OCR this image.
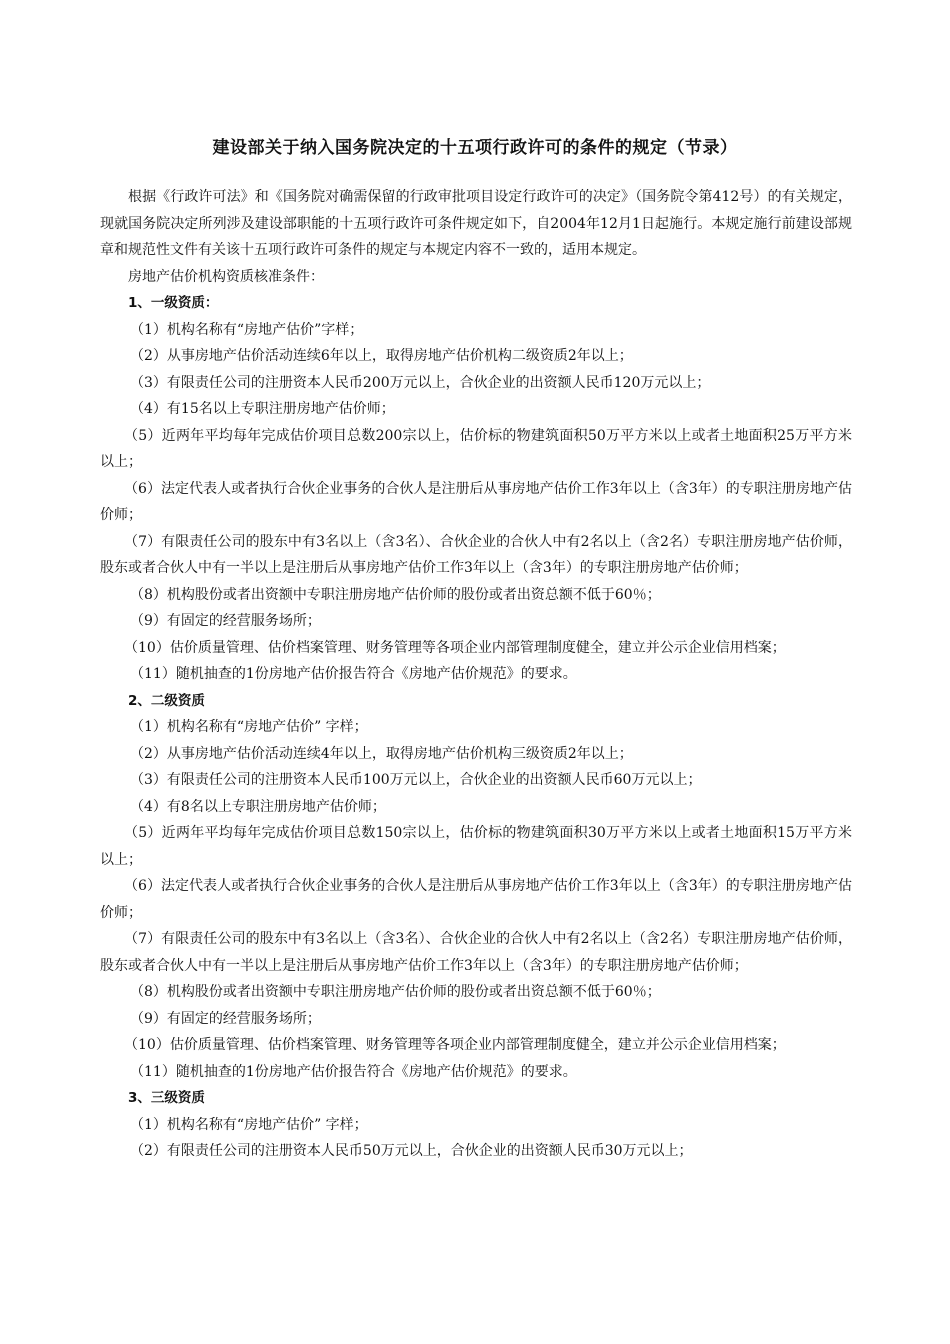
建设部关于纳入国务院决定的十五项行政许可的条件的规定（节录）

根据《行政许可法》和《国务院对确需保留的行政审批项目设定行政许可的决定》（国务院令第412号）的有关规定，现就国务院决定所列涉及建设部职能的十五项行政许可条件规定如下，自2004年12月1日起施行。本规定施行前建设部规章和规范性文件有关该十五项行政许可条件的规定与本规定内容不一致的，适用本规定。

房地产估价机构资质核准条件：

1、一级资质：

（1）机构名称有“房地产估价”字样；

（2）从事房地产估价活动连续6年以上，取得房地产估价机构二级资质2年以上；

（3）有限责任公司的注册资本人民币200万元以上，合伙企业的出资额人民币120万元以上；

（4）有15名以上专职注册房地产估价师；

（5）近两年平均每年完成估价项目总数200宗以上，估价标的物建筑面积50万平方米以上或者土地面积25万平方米以上；

（6）法定代表人或者执行合伙企业事务的合伙人是注册后从事房地产估价工作3年以上（含3年）的专职注册房地产估价师；

（7）有限责任公司的股东中有3名以上（含3名）、合伙企业的合伙人中有2名以上（含2名）专职注册房地产估价师，股东或者合伙人中有一半以上是注册后从事房地产估价工作3年以上（含3年）的专职注册房地产估价师；

（8）机构股份或者出资额中专职注册房地产估价师的股份或者出资总额不低于60％；

（9）有固定的经营服务场所；

（10）估价质量管理、估价档案管理、财务管理等各项企业内部管理制度健全，建立并公示企业信用档案；

（11）随机抽查的1份房地产估价报告符合《房地产估价规范》的要求。

2、二级资质

（1）机构名称有“房地产估价” 字样；

（2）从事房地产估价活动连续4年以上，取得房地产估价机构三级资质2年以上；

（3）有限责任公司的注册资本人民币100万元以上，合伙企业的出资额人民币60万元以上；

（4）有8名以上专职注册房地产估价师；

（5）近两年平均每年完成估价项目总数150宗以上，估价标的物建筑面积30万平方米以上或者土地面积15万平方米以上；

（6）法定代表人或者执行合伙企业事务的合伙人是注册后从事房地产估价工作3年以上（含3年）的专职注册房地产估价师；

（7）有限责任公司的股东中有3名以上（含3名）、合伙企业的合伙人中有2名以上（含2名）专职注册房地产估价师，股东或者合伙人中有一半以上是注册后从事房地产估价工作3年以上（含3年）的专职注册房地产估价师；

（8）机构股份或者出资额中专职注册房地产估价师的股份或者出资总额不低于60％；

（9）有固定的经营服务场所；

（10）估价质量管理、估价档案管理、财务管理等各项企业内部管理制度健全，建立并公示企业信用档案；

（11）随机抽查的1份房地产估价报告符合《房地产估价规范》的要求。

3、三级资质

（1）机构名称有“房地产估价” 字样；

（2）有限责任公司的注册资本人民币50万元以上，合伙企业的出资额人民币30万元以上；
